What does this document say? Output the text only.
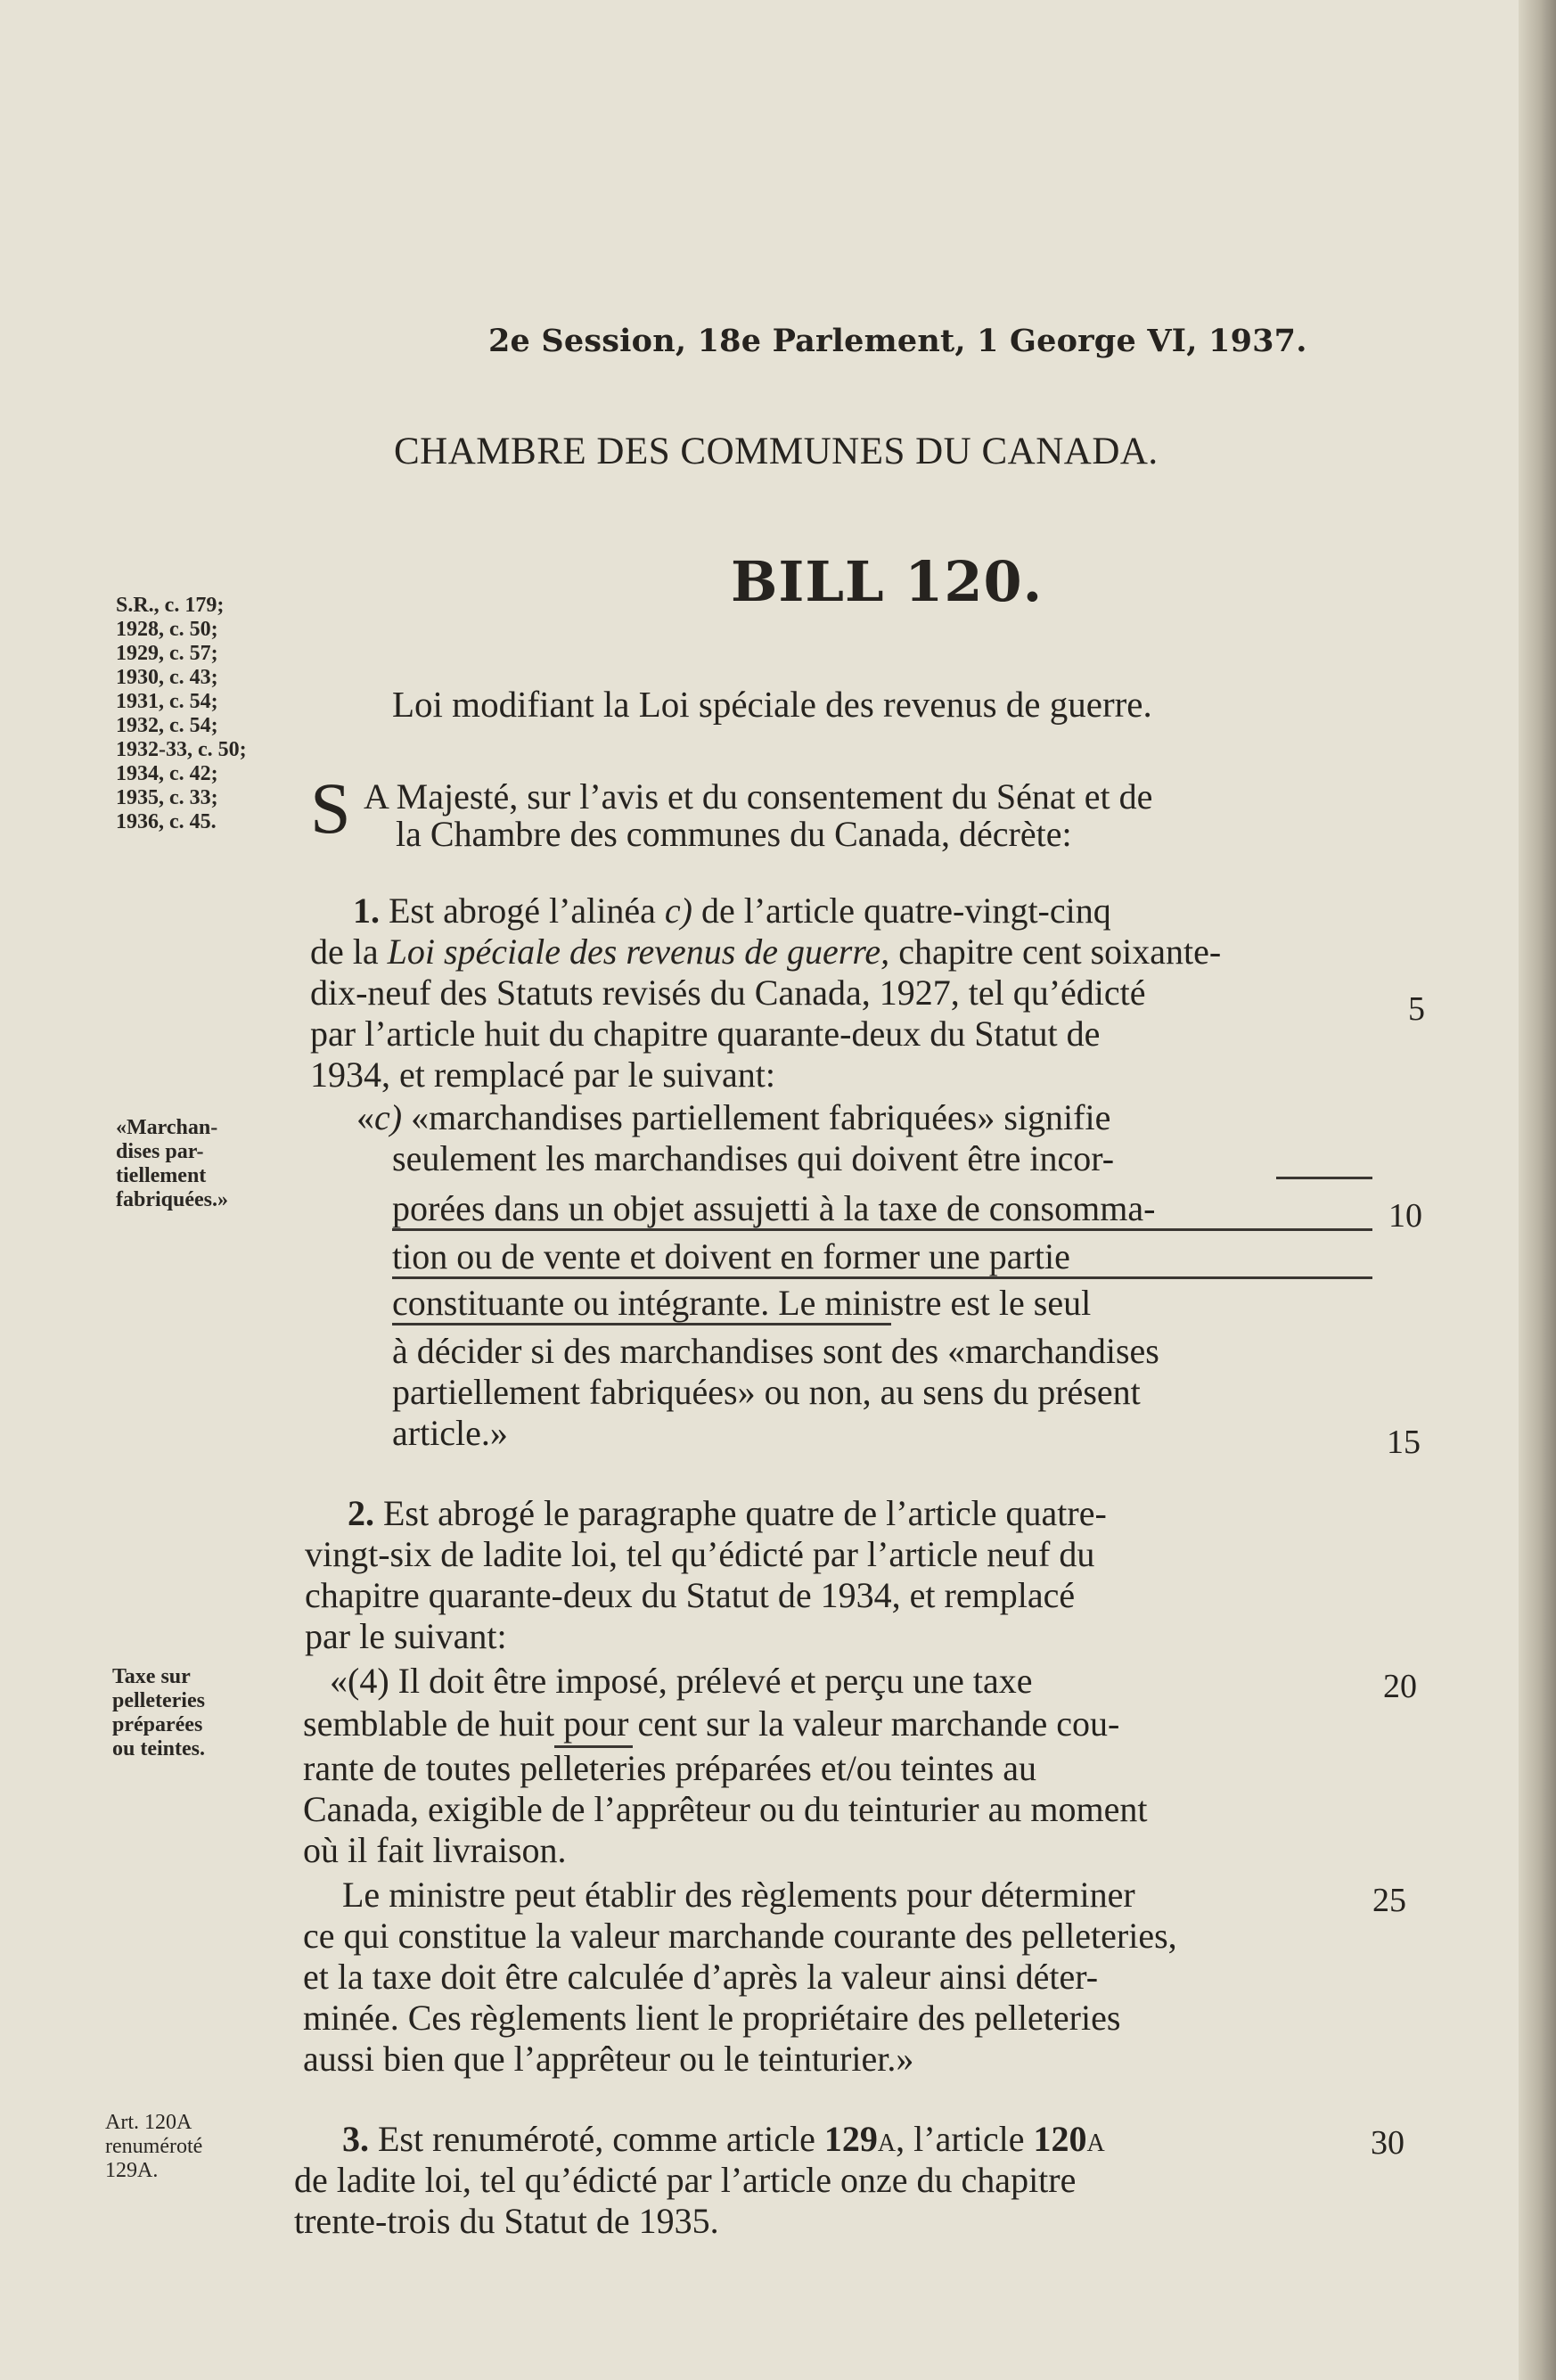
2e Session, 18e Parlement, 1 George VI, 1937.
CHAMBRE DES COMMUNES DU CANADA.
BILL 120.
Loi modifiant la Loi spéciale des revenus de guerre.
S.R., c. 179;
1928, c. 50;
1929, c. 57;
1930, c. 43;
1931, c. 54;
1932, c. 54;
1932-33, c. 50;
1934, c. 42;
1935, c. 33;
1936, c. 45.
«Marchan-
dises par-
tiellement
fabriquées.»
Taxe sur
pelleteries
préparées
ou teintes.
Art. 120A
renuméroté
129A.
S A Majesté, sur l’avis et du consentement du Sénat et de
la Chambre des communes du Canada, décrète:
1. Est abrogé l’alinéa c) de l’article quatre-vingt-cinq
de la Loi spéciale des revenus de guerre, chapitre cent soixante-
dix-neuf des Statuts revisés du Canada, 1927, tel qu’édicté
par l’article huit du chapitre quarante-deux du Statut de
1934, et remplacé par le suivant:
«c) «marchandises partiellement fabriquées» signifie
seulement les marchandises qui doivent être incor-
porées dans un objet assujetti à la taxe de consomma-
tion ou de vente et doivent en former une partie
constituante ou intégrante. Le ministre est le seul
à décider si des marchandises sont des «marchandises
partiellement fabriquées» ou non, au sens du présent
article.»
2. Est abrogé le paragraphe quatre de l’article quatre-
vingt-six de ladite loi, tel qu’édicté par l’article neuf du
chapitre quarante-deux du Statut de 1934, et remplacé
par le suivant:
«(4) Il doit être imposé, prélevé et perçu une taxe
semblable de huit pour cent sur la valeur marchande cou-
rante de toutes pelleteries préparées et/ou teintes au
Canada, exigible de l’apprêteur ou du teinturier au moment
où il fait livraison.
Le ministre peut établir des règlements pour déterminer
ce qui constitue la valeur marchande courante des pelleteries,
et la taxe doit être calculée d’après la valeur ainsi déter-
minée. Ces règlements lient le propriétaire des pelleteries
aussi bien que l’apprêteur ou le teinturier.»
3. Est renuméroté, comme article 129A, l’article 120A
de ladite loi, tel qu’édicté par l’article onze du chapitre
trente-trois du Statut de 1935.
5
10
15
20
25
30
